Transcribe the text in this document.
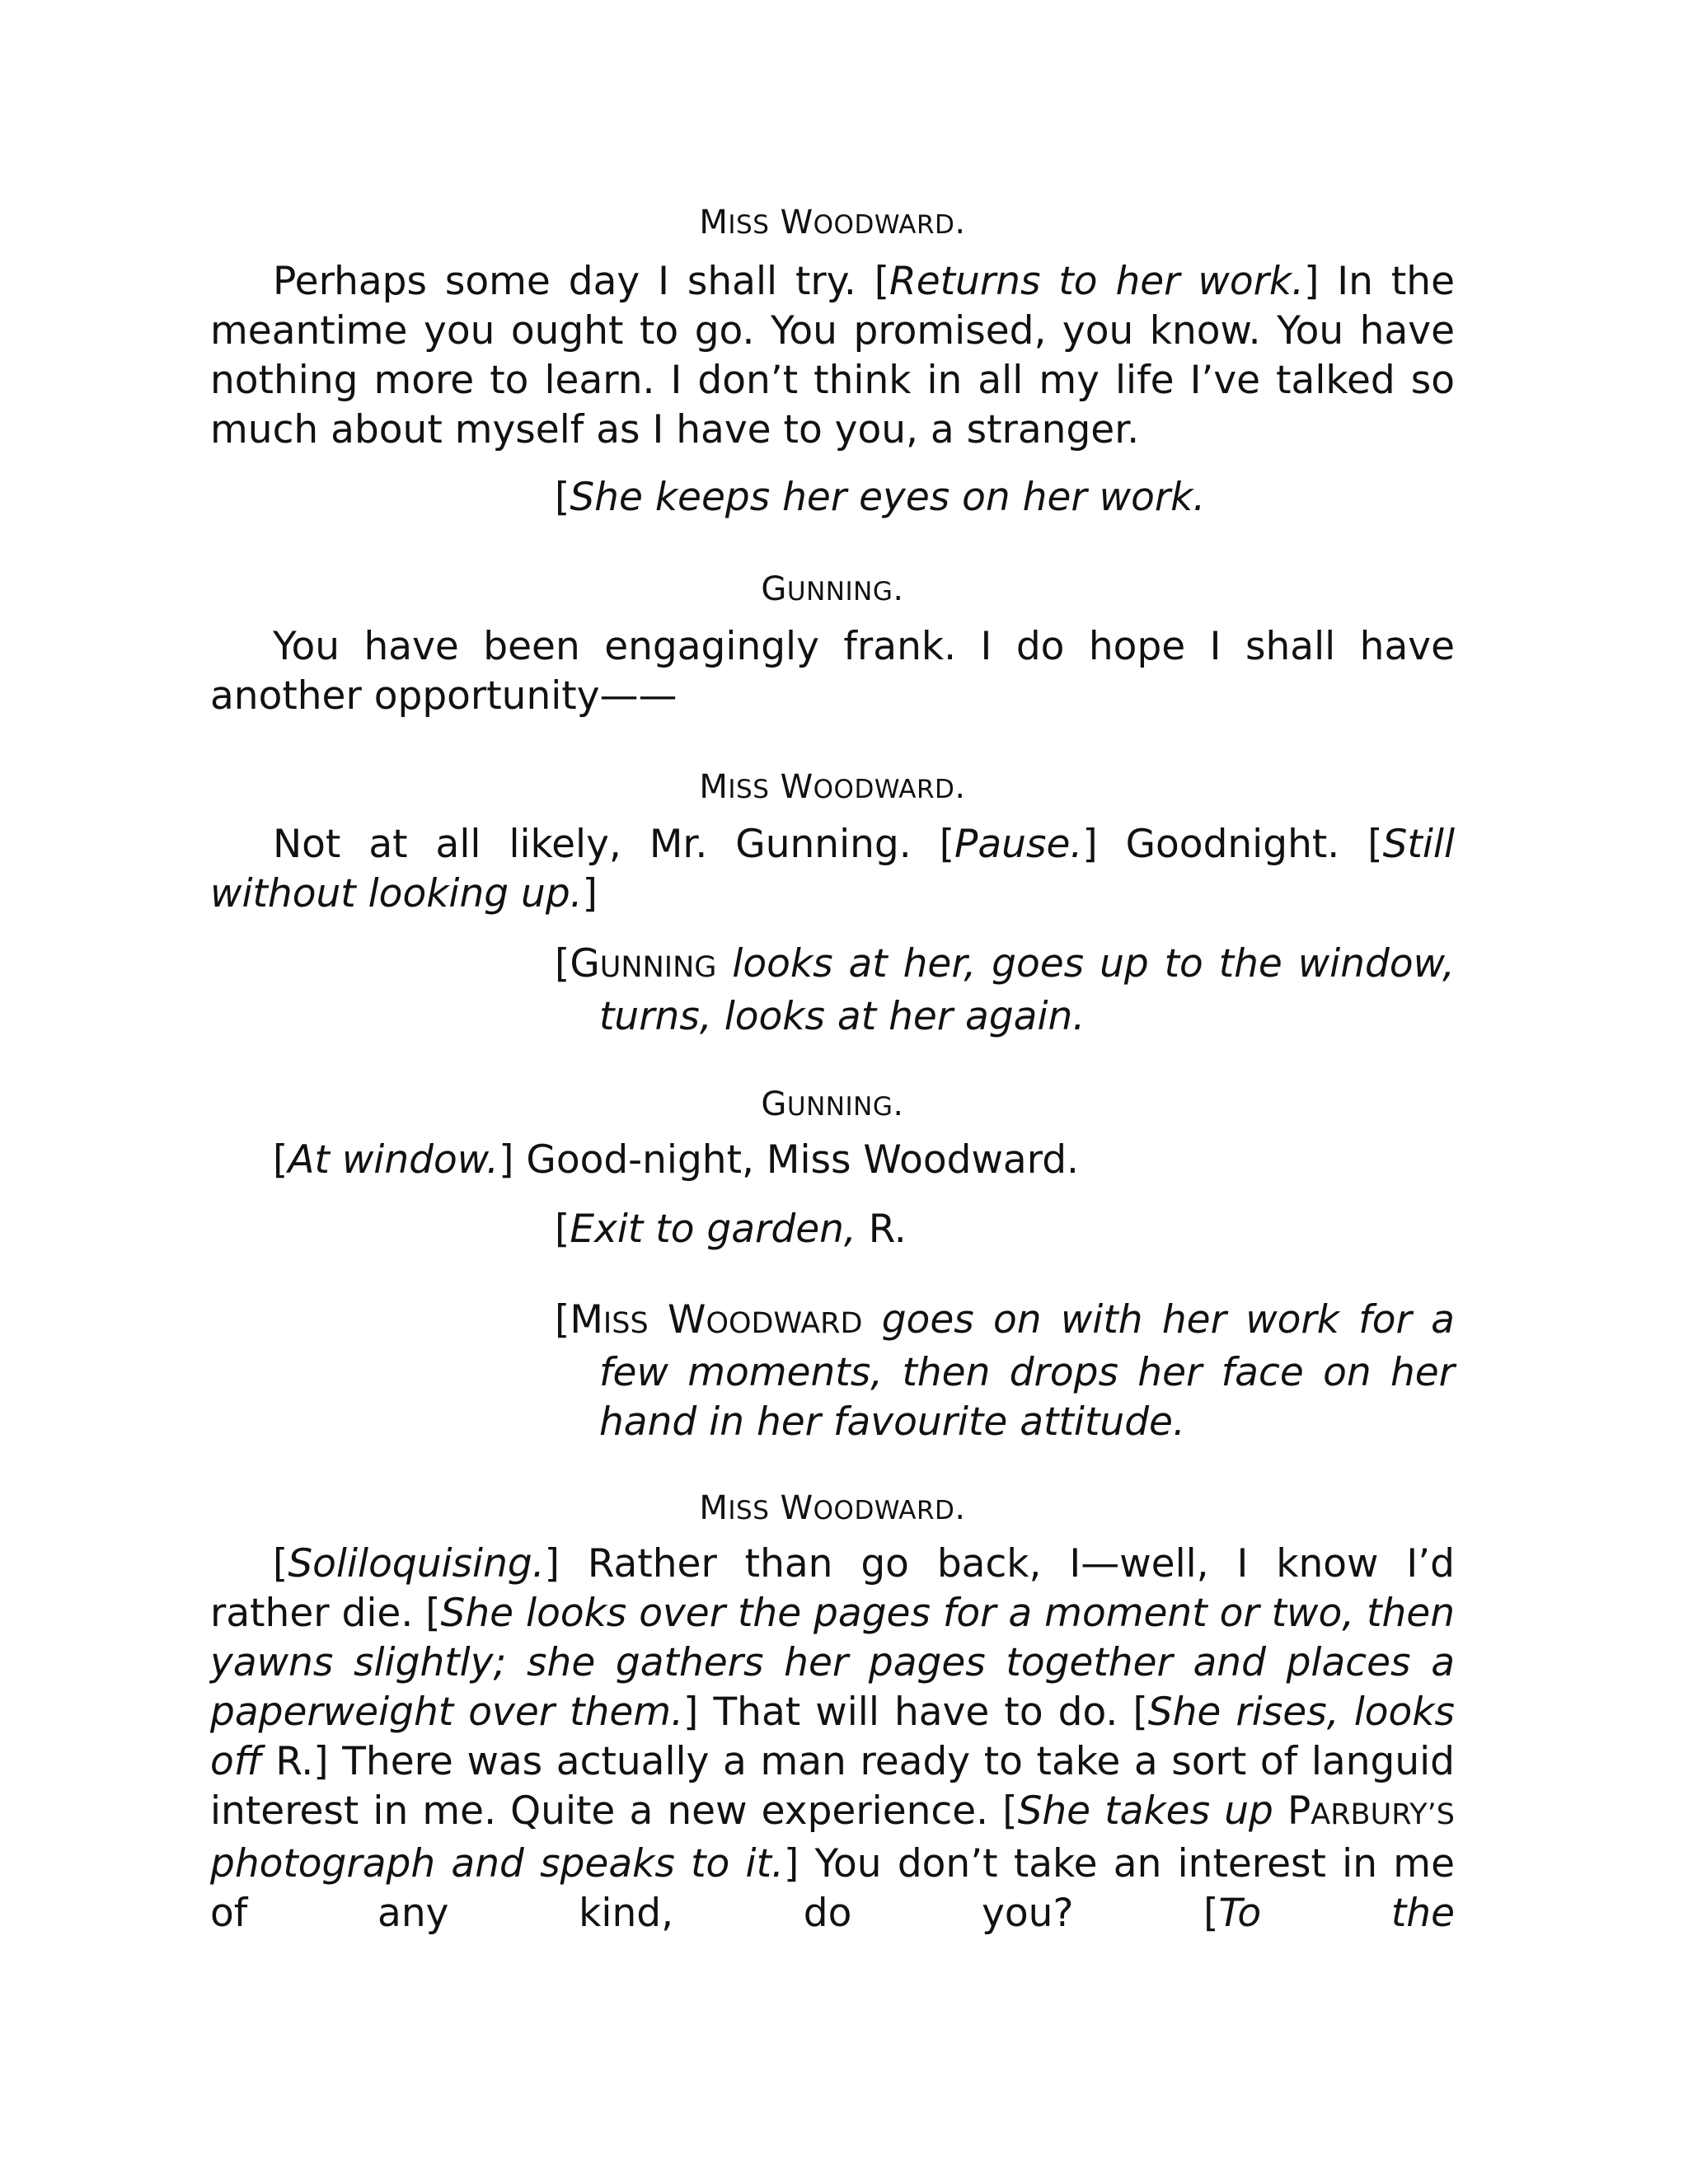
MISS WOODWARD.

Perhaps some day I shall try. [Returns to her work.] In the meantime you ought to go. You promised, you know. You have nothing more to learn. I don’t think in all my life I’ve talked so much about myself as I have to you, a stranger.

[She keeps her eyes on her work.

GUNNING.

You have been engagingly frank. I do hope I shall have another opportunity——

MISS WOODWARD.

Not at all likely, Mr. Gunning. [Pause.] Goodnight. [Still without looking up.]

[GUNNING looks at her, goes up to the window, turns, looks at her again.

GUNNING.

[At window.] Good-night, Miss Woodward.

[Exit to garden, R.

[MISS WOODWARD goes on with her work for a few moments, then drops her face on her hand in her favourite attitude.

MISS WOODWARD.

[Soliloquising.] Rather than go back, I—well, I know I’d rather die. [She looks over the pages for a moment or two, then yawns slightly; she gathers her pages together and places a paperweight over them.] That will have to do. [She rises, looks off R.] There was actually a man ready to take a sort of languid interest in me. Quite a new experience. [She takes up PARBURY’S photograph and speaks to it.] You don’t take an interest in me of any kind, do you? [To the
